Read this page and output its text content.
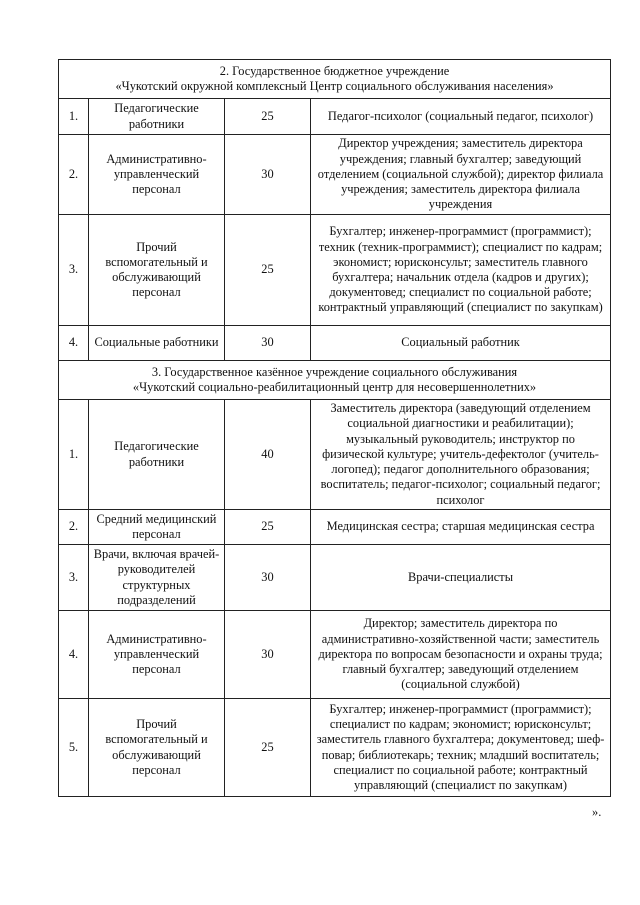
2. Государственное бюджетное учреждение
«Чукотский окружной комплексный Центр социального обслуживания населения»			

1.	Педагогические работники	25	Педагог-психолог (социальный педагог, психолог)
2.	Административно-управленческий персонал	30	Директор учреждения; заместитель директора учреждения; главный бухгалтер; заведующий отделением (социальной службой); директор филиала учреждения; заместитель директора филиала учреждения
3.	Прочий вспомогательный и обслуживающий персонал	25	Бухгалтер; инженер-программист (программист); техник (техник-программист); специалист по кадрам; экономист; юрисконсульт; заместитель главного бухгалтера; начальник отдела (кадров и других); документовед; специалист по социальной работе; контрактный управляющий (специалист по закупкам)
4.	Социальные работники	30	Социальный работник

3. Государственное казённое учреждение социального обслуживания
«Чукотский социально-реабилитационный центр для несовершеннолетних»			

1.	Педагогические работники	40	Заместитель директора (заведующий отделением социальной диагностики и реабилитации); музыкальный руководитель; инструктор по физической культуре; учитель-дефектолог (учитель-логопед); педагог дополнительного образования; воспитатель; педагог-психолог; социальный педагог; психолог
2.	Средний медицинский персонал	25	Медицинская сестра; старшая медицинская сестра
3.	Врачи, включая врачей-руководителей структурных подразделений	30	Врачи-специалисты
4.	Административно-управленческий персонал	30	Директор; заместитель директора по административно-хозяйственной части; заместитель директора по вопросам безопасности и охраны труда; главный бухгалтер; заведующий отделением (социальной службой)
5.	Прочий вспомогательный и обслуживающий персонал	25	Бухгалтер; инженер-программист (программист); специалист по кадрам; экономист; юрисконсульт; заместитель главного бухгалтера; документовед; шеф-повар; библиотекарь; техник; младший воспитатель; специалист по социальной работе; контрактный управляющий (специалист по закупкам)
».
